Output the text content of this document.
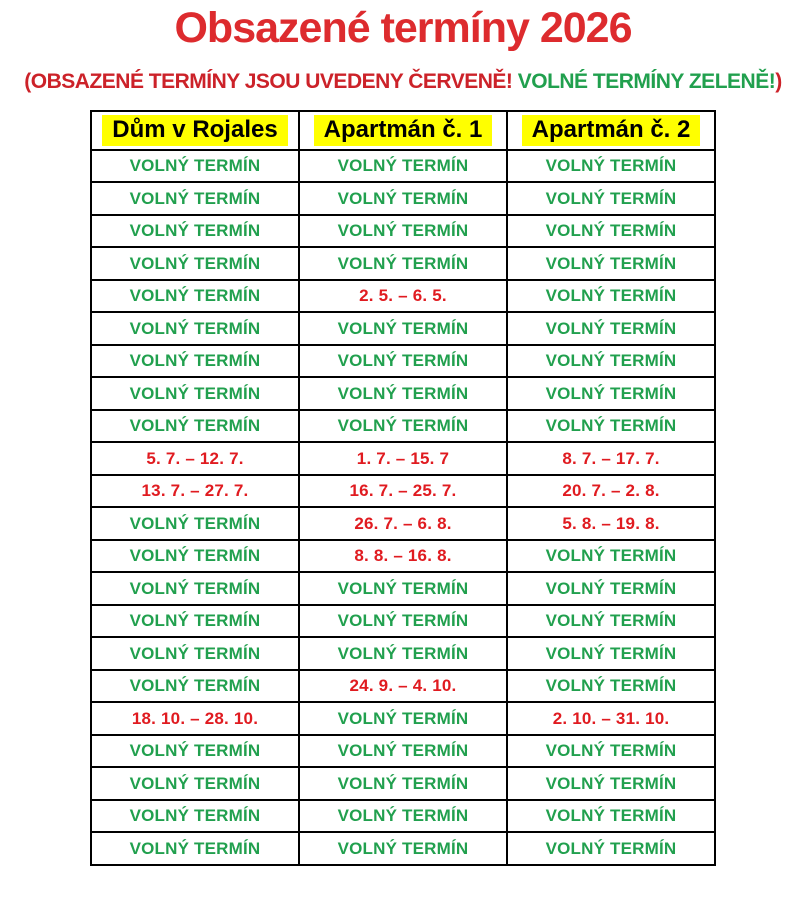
Obsazené termíny 2026

(OBSAZENÉ TERMÍNY JSOU UVEDENY ČERVENĚ! VOLNÉ TERMÍNY ZELENĚ!)

Dům v Rojales	Apartmán č. 1	Apartmán č. 2
VOLNÝ TERMÍN	VOLNÝ TERMÍN	VOLNÝ TERMÍN
VOLNÝ TERMÍN	VOLNÝ TERMÍN	VOLNÝ TERMÍN
VOLNÝ TERMÍN	VOLNÝ TERMÍN	VOLNÝ TERMÍN
VOLNÝ TERMÍN	VOLNÝ TERMÍN	VOLNÝ TERMÍN
VOLNÝ TERMÍN	2. 5. – 6. 5.	VOLNÝ TERMÍN
VOLNÝ TERMÍN	VOLNÝ TERMÍN	VOLNÝ TERMÍN
VOLNÝ TERMÍN	VOLNÝ TERMÍN	VOLNÝ TERMÍN
VOLNÝ TERMÍN	VOLNÝ TERMÍN	VOLNÝ TERMÍN
VOLNÝ TERMÍN	VOLNÝ TERMÍN	VOLNÝ TERMÍN
5. 7. – 12. 7.	1. 7. – 15. 7	8. 7. – 17. 7.
13. 7. – 27. 7.	16. 7. – 25. 7.	20. 7. – 2. 8.
VOLNÝ TERMÍN	26. 7. – 6. 8.	5. 8. – 19. 8.
VOLNÝ TERMÍN	8. 8. – 16. 8.	VOLNÝ TERMÍN
VOLNÝ TERMÍN	VOLNÝ TERMÍN	VOLNÝ TERMÍN
VOLNÝ TERMÍN	VOLNÝ TERMÍN	VOLNÝ TERMÍN
VOLNÝ TERMÍN	VOLNÝ TERMÍN	VOLNÝ TERMÍN
VOLNÝ TERMÍN	24. 9. – 4. 10.	VOLNÝ TERMÍN
18. 10. – 28. 10.	VOLNÝ TERMÍN	2. 10. – 31. 10.
VOLNÝ TERMÍN	VOLNÝ TERMÍN	VOLNÝ TERMÍN
VOLNÝ TERMÍN	VOLNÝ TERMÍN	VOLNÝ TERMÍN
VOLNÝ TERMÍN	VOLNÝ TERMÍN	VOLNÝ TERMÍN
VOLNÝ TERMÍN	VOLNÝ TERMÍN	VOLNÝ TERMÍN
